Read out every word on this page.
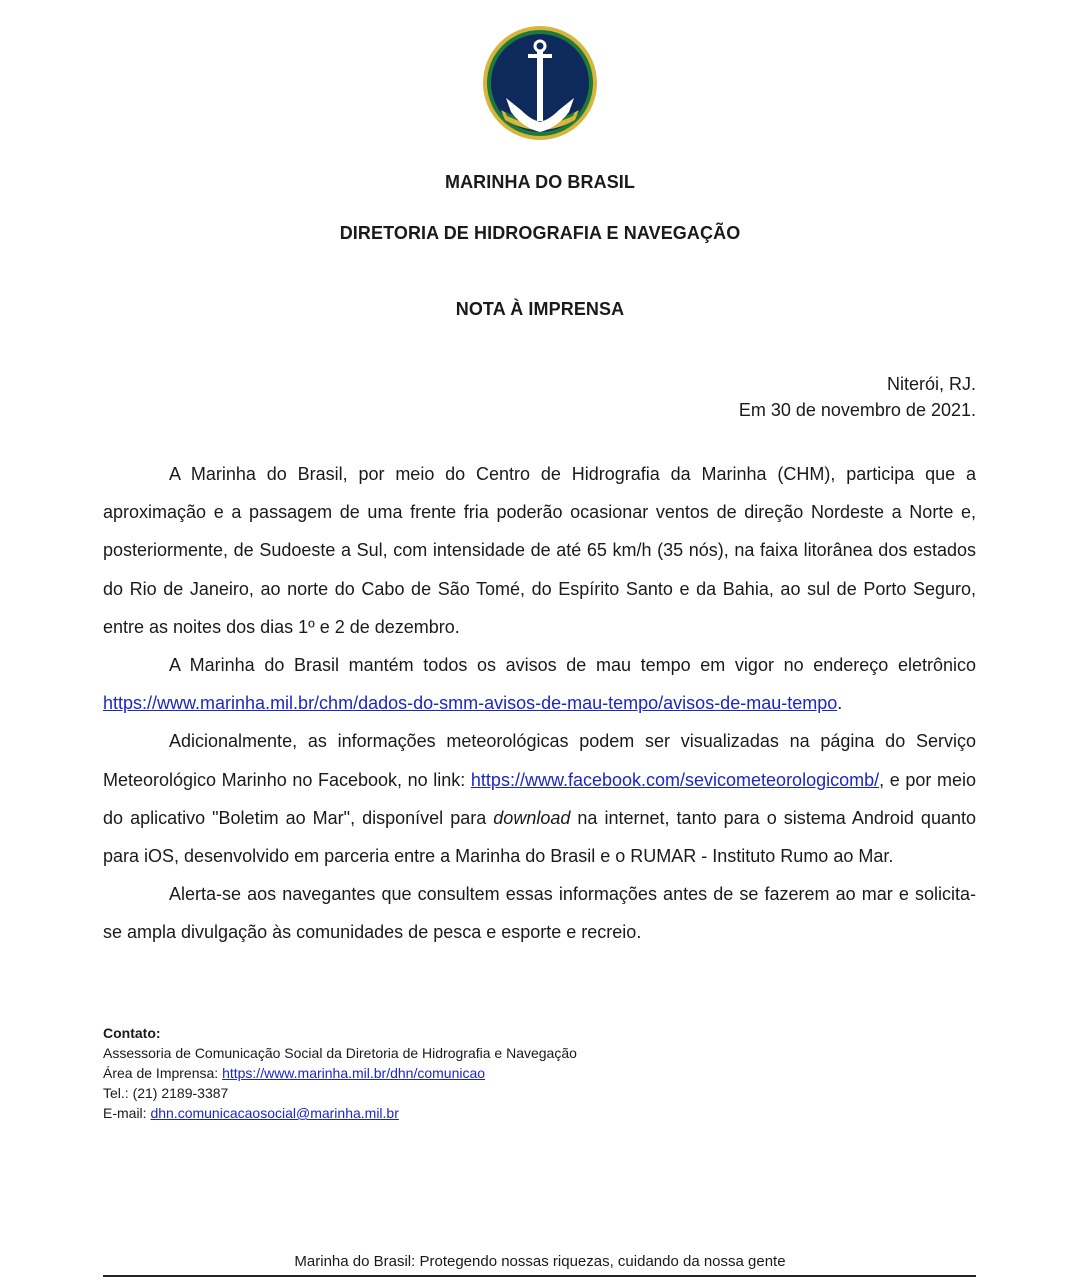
MARINHA DO BRASIL
DIRETORIA DE HIDROGRAFIA E NAVEGAÇÃO
NOTA À IMPRENSA
Niterói, RJ.
Em 30 de novembro de 2021.

A Marinha do Brasil, por meio do Centro de Hidrografia da Marinha (CHM), participa que a aproximação e a passagem de uma frente fria poderão ocasionar ventos de direção Nordeste a Norte e, posteriormente, de Sudoeste a Sul, com intensidade de até 65 km/h (35 nós), na faixa litorânea dos estados do Rio de Janeiro, ao norte do Cabo de São Tomé, do Espírito Santo e da Bahia, ao sul de Porto Seguro, entre as noites dos dias 1º e 2 de dezembro.

A Marinha do Brasil mantém todos os avisos de mau tempo em vigor no endereço eletrônico https://www.marinha.mil.br/chm/dados-do-smm-avisos-de-mau-tempo/avisos-de-mau-tempo.

Adicionalmente, as informações meteorológicas podem ser visualizadas na página do Serviço Meteorológico Marinho no Facebook, no link: https://www.facebook.com/sevicometeorologicomb/, e por meio do aplicativo "Boletim ao Mar", disponível para download na internet, tanto para o sistema Android quanto para iOS, desenvolvido em parceria entre a Marinha do Brasil e o RUMAR - Instituto Rumo ao Mar.

Alerta-se aos navegantes que consultem essas informações antes de se fazerem ao mar e solicita-se ampla divulgação às comunidades de pesca e esporte e recreio.

Contato:
Assessoria de Comunicação Social da Diretoria de Hidrografia e Navegação
Área de Imprensa: https://www.marinha.mil.br/dhn/comunicao
Tel.: (21) 2189-3387
E-mail: dhn.comunicacaosocial@marinha.mil.br
Marinha do Brasil: Protegendo nossas riquezas, cuidando da nossa gente
